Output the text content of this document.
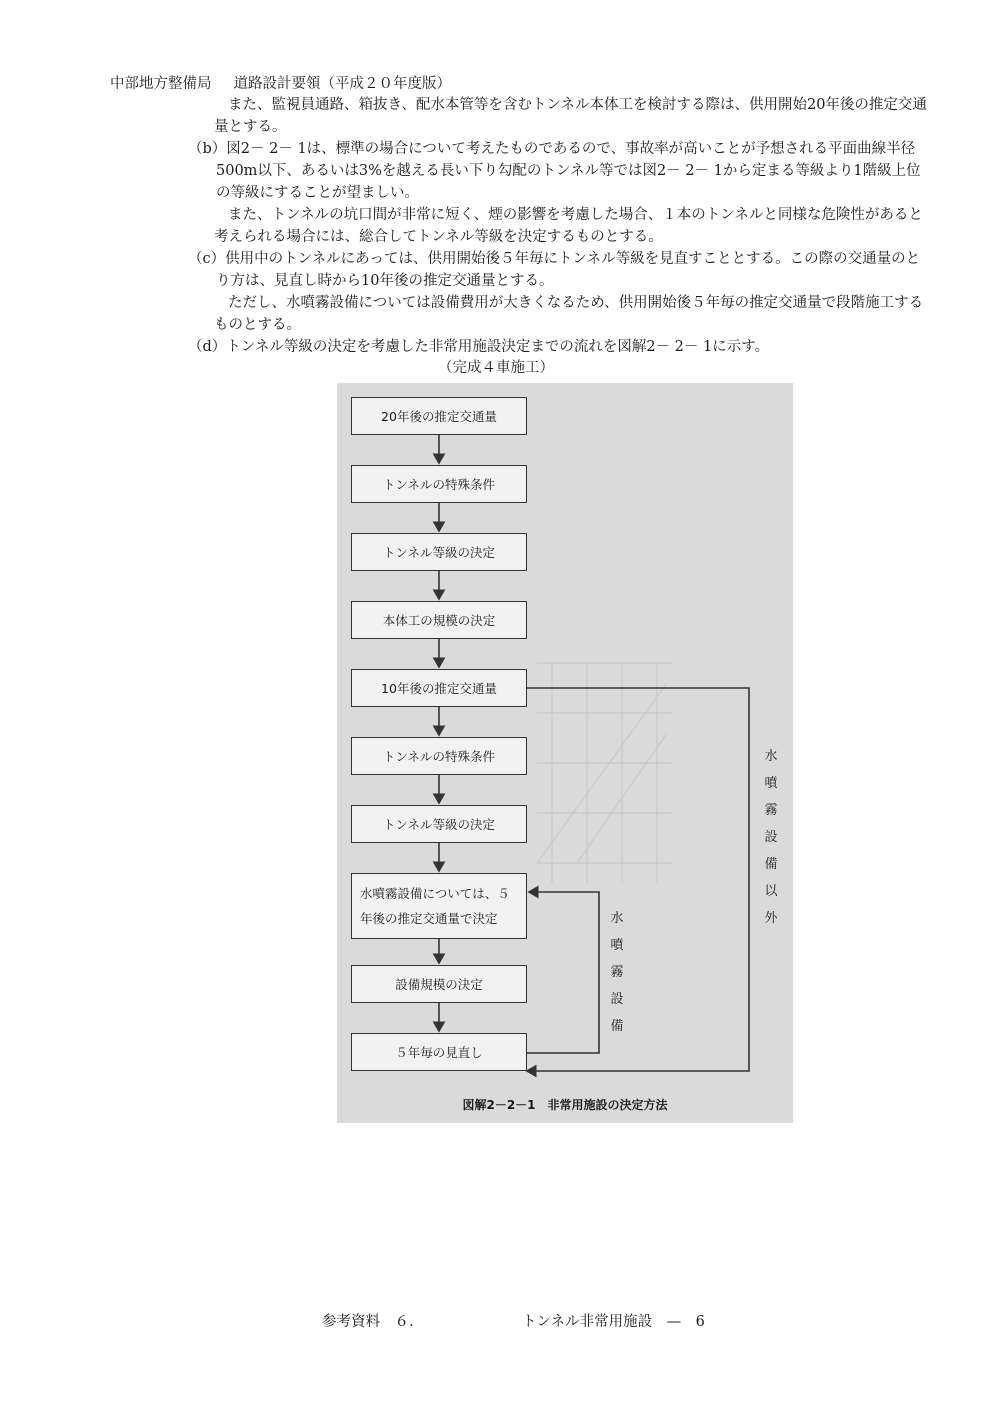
中部地方整備局 道路設計要領（平成２０年度版）

また、監視員通路、箱抜き、配水本管等を含むトンネル本体工を検討する際は、供用開始20年後の推定交通量とする。

（b）図2－ 2－ 1は、標準の場合について考えたものであるので、事故率が高いことが予想される平面曲線半径500m以下、あるいは3%を越える長い下り勾配のトンネル等では図2－ 2－ 1から定まる等級より1階級上位の等級にすることが望ましい。

また、トンネルの坑口間が非常に短く、煙の影響を考慮した場合、１本のトンネルと同様な危険性があると考えられる場合には、総合してトンネル等級を決定するものとする。

（c）供用中のトンネルにあっては、供用開始後５年毎にトンネル等級を見直すこととする。この際の交通量のとり方は、見直し時から10年後の推定交通量とする。

ただし、水噴霧設備については設備費用が大きくなるため、供用開始後５年毎の推定交通量で段階施工するものとする。

（d）トンネル等級の決定を考慮した非常用施設決定までの流れを図解2－ 2－ 1に示す。

（完成４車施工）
20年後の推定交通量
トンネルの特殊条件
トンネル等級の決定
本体工の規模の決定
10年後の推定交通量
トンネルの特殊条件
トンネル等級の決定
水噴霧設備については、５年後の推定交通量で決定
設備規模の決定
５年毎の見直し
水
噴
霧
設
備
以
外
水
噴
霧
設
備
図解2－2－1　非常用施設の決定方法
参考資料　６．	トンネル非常用施設　—　6
